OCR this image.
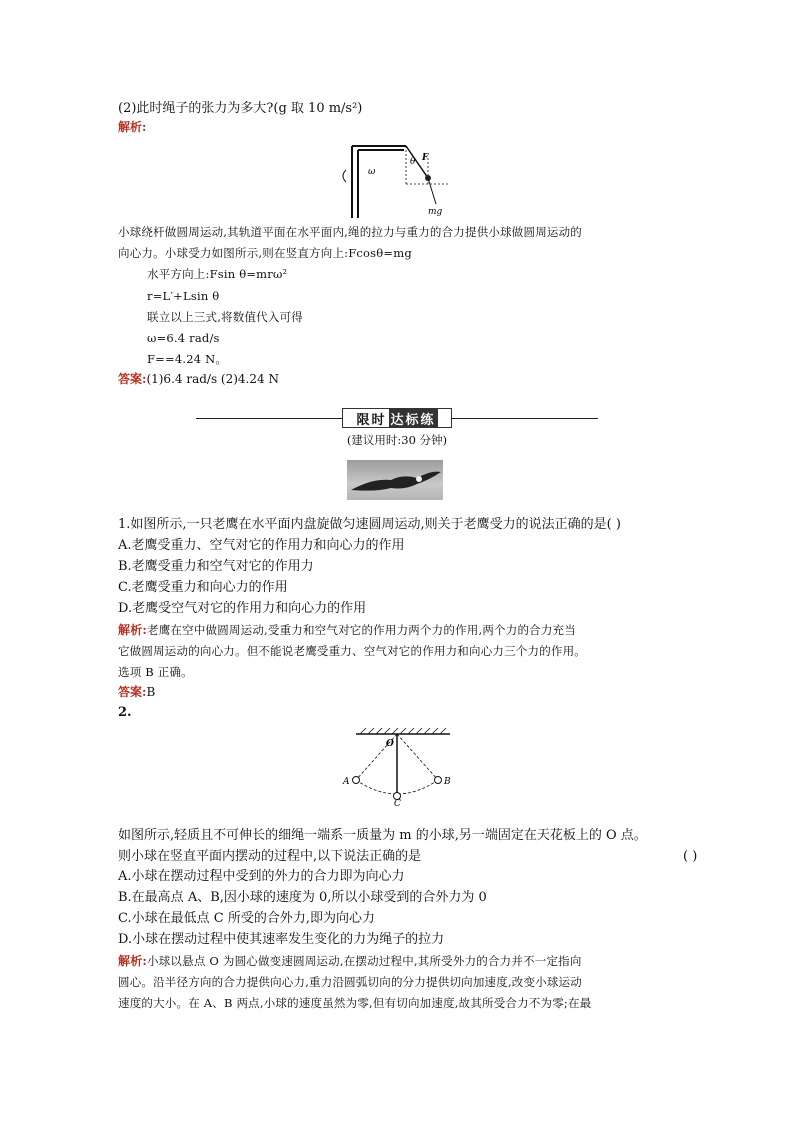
(2)此时绳子的张力为多大?(g 取 10 m/s²)
解析:
ω
θ F
mg
小球绕杆做圆周运动,其轨道平面在水平面内,绳的拉力与重力的合力提供小球做圆周运动的
向心力。小球受力如图所示,则在竖直方向上:Fcosθ=mg
水平方向上:Fsin θ=mrω²
r=L′+Lsin θ
联立以上三式,将数值代入可得
ω=6.4 rad/s
F==4.24 N。
答案:(1)6.4 rad/s (2)4.24 N
限时 达标练
(建议用时:30 分钟)
1.如图所示,一只老鹰在水平面内盘旋做匀速圆周运动,则关于老鹰受力的说法正确的是( )
A.老鹰受重力、空气对它的作用力和向心力的作用
B.老鹰受重力和空气对它的作用力
C.老鹰受重力和向心力的作用
D.老鹰受空气对它的作用力和向心力的作用
解析:老鹰在空中做圆周运动,受重力和空气对它的作用力两个力的作用,两个力的合力充当
它做圆周运动的向心力。但不能说老鹰受重力、空气对它的作用力和向心力三个力的作用。
选项 B 正确。
答案:B
2.
O
A	B
C
如图所示,轻质且不可伸长的细绳一端系一质量为 m 的小球,另一端固定在天花板上的 O 点。
则小球在竖直平面内摆动的过程中,以下说法正确的是	( )
A.小球在摆动过程中受到的外力的合力即为向心力
B.在最高点 A、B,因小球的速度为 0,所以小球受到的合外力为 0
C.小球在最低点 C 所受的合外力,即为向心力
D.小球在摆动过程中使其速率发生变化的力为绳子的拉力
解析:小球以悬点 O 为圆心做变速圆周运动,在摆动过程中,其所受外力的合力并不一定指向
圆心。沿半径方向的合力提供向心力,重力沿圆弧切向的分力提供切向加速度,改变小球运动
速度的大小。在 A、B 两点,小球的速度虽然为零,但有切向加速度,故其所受合力不为零;在最
